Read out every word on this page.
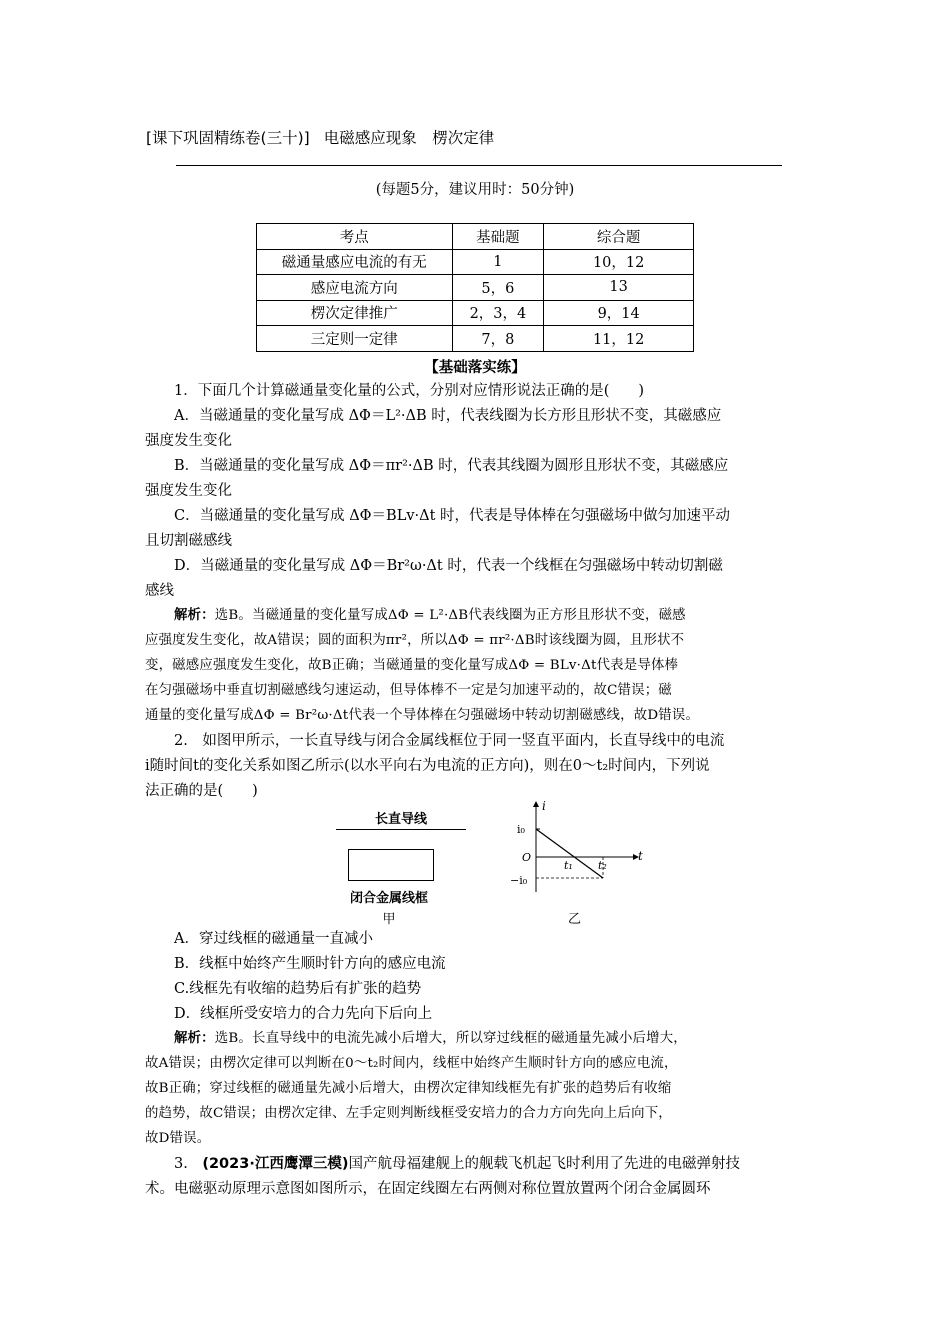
[课下巩固精练卷(三十)] 电磁感应现象　楞次定律
(每题5分，建议用时：50分钟)
考点	基础题	综合题
磁通量感应电流的有无	1	10，12
感应电流方向	5，6	13
楞次定律推广	2，3，4	9，14
三定则一定律	7，8	11，12
【基础落实练】
1．下面几个计算磁通量变化量的公式，分别对应情形说法正确的是(　　)
A．当磁通量的变化量写成 ΔΦ＝L²·ΔB 时，代表线圈为长方形且形状不变，其磁感应
强度发生变化
B．当磁通量的变化量写成 ΔΦ＝πr²·ΔB 时，代表其线圈为圆形且形状不变，其磁感应
强度发生变化
C．当磁通量的变化量写成 ΔΦ＝BLv·Δt 时，代表是导体棒在匀强磁场中做匀加速平动
且切割磁感线
D．当磁通量的变化量写成 ΔΦ＝Br²ω·Δt 时，代表一个线框在匀强磁场中转动切割磁
感线
解析：选B。当磁通量的变化量写成ΔΦ = L²·ΔB代表线圈为正方形且形状不变，磁感
应强度发生变化，故A错误；圆的面积为πr²，所以ΔΦ = πr²·ΔB时该线圈为圆，且形状不
变，磁感应强度发生变化，故B正确；当磁通量的变化量写成ΔΦ = BLv·Δt代表是导体棒
在匀强磁场中垂直切割磁感线匀速运动，但导体棒不一定是匀加速平动的，故C错误；磁
通量的变化量写成ΔΦ = Br²ω·Δt代表一个导体棒在匀强磁场中转动切割磁感线，故D错误。
2.　如图甲所示，一长直导线与闭合金属线框位于同一竖直平面内，长直导线中的电流
i随时间t的变化关系如图乙所示(以水平向右为电流的正方向)，则在0～t₂时间内，下列说
法正确的是(　　)
长直导线
闭合金属线框
甲
i
i₀
O
−i₀
t
t₁ t₂
乙
A．穿过线框的磁通量一直减小
B．线框中始终产生顺时针方向的感应电流
C.线框先有收缩的趋势后有扩张的趋势
D．线框所受安培力的合力先向下后向上
解析：选B。长直导线中的电流先减小后增大，所以穿过线框的磁通量先减小后增大，
故A错误；由楞次定律可以判断在0～t₂时间内，线框中始终产生顺时针方向的感应电流，
故B正确；穿过线框的磁通量先减小后增大，由楞次定律知线框先有扩张的趋势后有收缩
的趋势，故C错误；由楞次定律、左手定则判断线框受安培力的合力方向先向上后向下，
故D错误。
3.　(2023·江西鹰潭三模)国产航母福建舰上的舰载飞机起飞时利用了先进的电磁弹射技
术。电磁驱动原理示意图如图所示，在固定线圈左右两侧对称位置放置两个闭合金属圆环
